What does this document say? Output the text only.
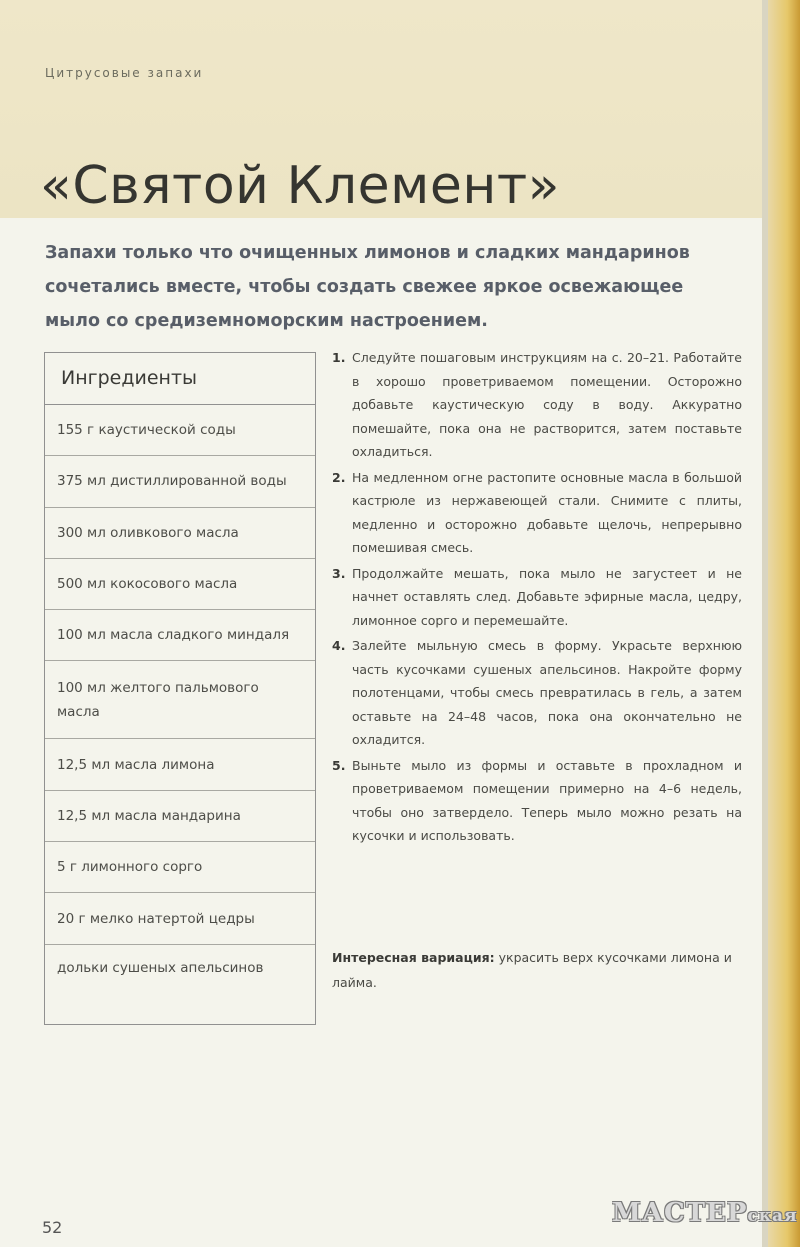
Цитрусовые запахи
«Святой Клемент»

Запахи только что очищенных лимонов и сладких мандаринов сочетались вместе, чтобы создать свежее яркое освежающее мыло со средиземноморским настроением.

Ингредиенты
155 г каустической соды
375 мл дистиллированной воды
300 мл оливкового масла
500 мл кокосового масла
100 мл масла сладкого миндаля
100 мл желтого пальмового масла
12,5 мл масла лимона
12,5 мл масла мандарина
5 г лимонного сорго
20 г мелко натертой цедры
дольки сушеных апельсинов
1. Следуйте пошаговым инструкциям на с. 20–21. Работайте в хорошо проветриваемом помещении. Осторожно добавьте каустическую соду в воду. Аккуратно помешайте, пока она не растворится, затем поставьте охладиться.
2. На медленном огне растопите основные масла в большой кастрюле из нержавеющей стали. Снимите с плиты, медленно и осторожно добавьте щелочь, непрерывно помешивая смесь.
3. Продолжайте мешать, пока мыло не загустеет и не начнет оставлять след. Добавьте эфирные масла, цедру, лимонное сорго и перемешайте.
4. Залейте мыльную смесь в форму. Украсьте верхнюю часть кусочками сушеных апельсинов. Накройте форму полотенцами, чтобы смесь превратилась в гель, а затем оставьте на 24–48 часов, пока она окончательно не охладится.
5. Выньте мыло из формы и оставьте в прохладном и проветриваемом помещении примерно на 4–6 недель, чтобы оно затвердело. Теперь мыло можно резать на кусочки и использовать.

Интересная вариация: украсить верх кусочками лимона и лайма.

52	МАСТЕРская
